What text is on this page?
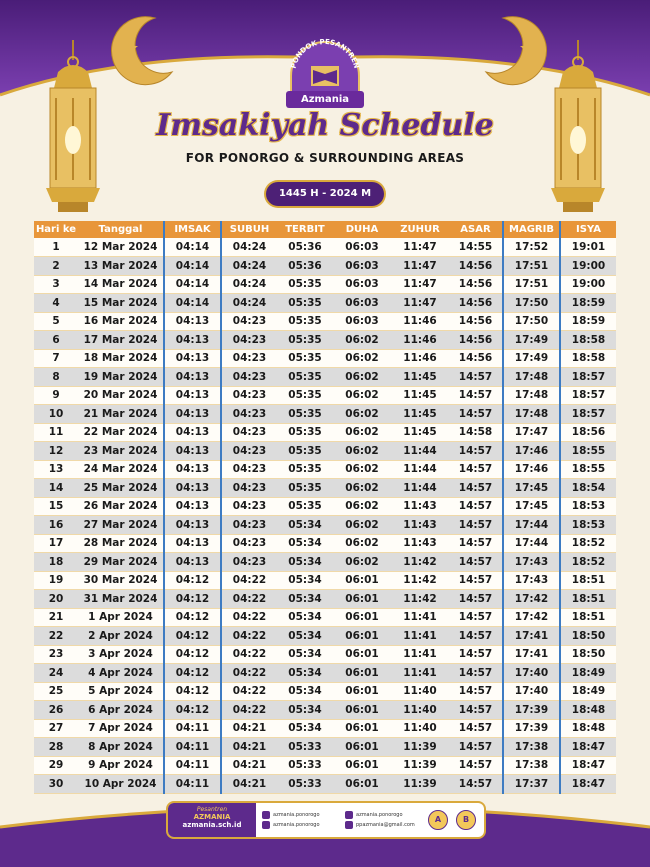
PONDOK PESANTREN
Azmania
Imsakiyah Schedule
FOR PONORGO & SURROUNDING AREAS
1445 H - 2024 M
Hari ke	Tanggal	IMSAK	SUBUH	TERBIT	DUHA	ZUHUR	ASAR	MAGRIB	ISYA
1	12 Mar 2024	04:14	04:24	05:36	06:03	11:47	14:55	17:52	19:01
2	13 Mar 2024	04:14	04:24	05:36	06:03	11:47	14:56	17:51	19:00
3	14 Mar 2024	04:14	04:24	05:35	06:03	11:47	14:56	17:51	19:00
4	15 Mar 2024	04:14	04:24	05:35	06:03	11:47	14:56	17:50	18:59
5	16 Mar 2024	04:13	04:23	05:35	06:03	11:46	14:56	17:50	18:59
6	17 Mar 2024	04:13	04:23	05:35	06:02	11:46	14:56	17:49	18:58
7	18 Mar 2024	04:13	04:23	05:35	06:02	11:46	14:56	17:49	18:58
8	19 Mar 2024	04:13	04:23	05:35	06:02	11:45	14:57	17:48	18:57
9	20 Mar 2024	04:13	04:23	05:35	06:02	11:45	14:57	17:48	18:57
10	21 Mar 2024	04:13	04:23	05:35	06:02	11:45	14:57	17:48	18:57
11	22 Mar 2024	04:13	04:23	05:35	06:02	11:45	14:58	17:47	18:56
12	23 Mar 2024	04:13	04:23	05:35	06:02	11:44	14:57	17:46	18:55
13	24 Mar 2024	04:13	04:23	05:35	06:02	11:44	14:57	17:46	18:55
14	25 Mar 2024	04:13	04:23	05:35	06:02	11:44	14:57	17:45	18:54
15	26 Mar 2024	04:13	04:23	05:35	06:02	11:43	14:57	17:45	18:53
16	27 Mar 2024	04:13	04:23	05:34	06:02	11:43	14:57	17:44	18:53
17	28 Mar 2024	04:13	04:23	05:34	06:02	11:43	14:57	17:44	18:52
18	29 Mar 2024	04:13	04:23	05:34	06:02	11:42	14:57	17:43	18:52
19	30 Mar 2024	04:12	04:22	05:34	06:01	11:42	14:57	17:43	18:51
20	31 Mar 2024	04:12	04:22	05:34	06:01	11:42	14:57	17:42	18:51
21	1 Apr 2024	04:12	04:22	05:34	06:01	11:41	14:57	17:42	18:51
22	2 Apr 2024	04:12	04:22	05:34	06:01	11:41	14:57	17:41	18:50
23	3 Apr 2024	04:12	04:22	05:34	06:01	11:41	14:57	17:41	18:50
24	4 Apr 2024	04:12	04:22	05:34	06:01	11:41	14:57	17:40	18:49
25	5 Apr 2024	04:12	04:22	05:34	06:01	11:40	14:57	17:40	18:49
26	6 Apr 2024	04:12	04:22	05:34	06:01	11:40	14:57	17:39	18:48
27	7 Apr 2024	04:11	04:21	05:34	06:01	11:40	14:57	17:39	18:48
28	8 Apr 2024	04:11	04:21	05:33	06:01	11:39	14:57	17:38	18:47
29	9 Apr 2024	04:11	04:21	05:33	06:01	11:39	14:57	17:38	18:47
30	10 Apr 2024	04:11	04:21	05:33	06:01	11:39	14:57	17:37	18:47
Pesantren
AZMANIA
azmania.sch.id
azmania.ponorogo	azmania.ponorogo
azmania.ponorogo	ppazmania@gmail.com
A	B
